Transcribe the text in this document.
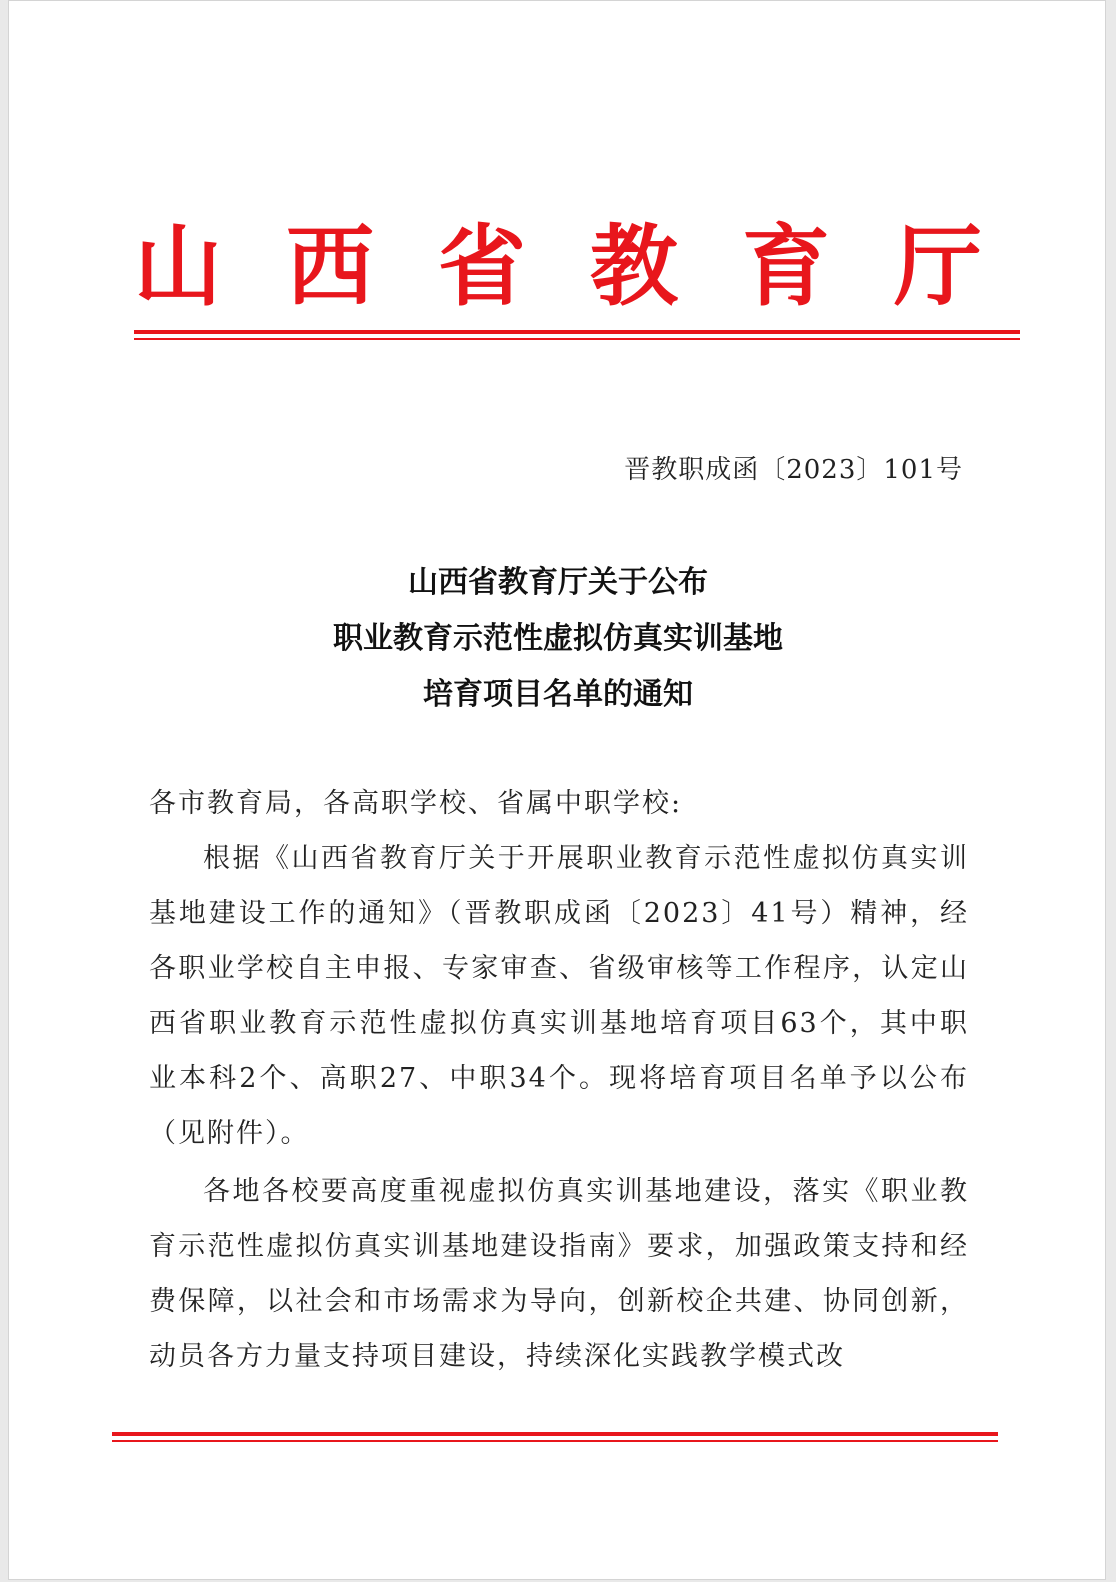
山西省教育厅
晋教职成函〔2023〕101号
山西省教育厅关于公布
职业教育示范性虚拟仿真实训基地
培育项目名单的通知
各市教育局，各高职学校、省属中职学校:
根据《山西省教育厅关于开展职业教育示范性虚拟仿真实训基地建设工作的通知》（晋教职成函〔2023〕41号）精神，经各职业学校自主申报、专家审查、省级审核等工作程序，认定山西省职业教育示范性虚拟仿真实训基地培育项目63个，其中职业本科2个、高职27、中职34个。现将培育项目名单予以公布（见附件）。
各地各校要高度重视虚拟仿真实训基地建设，落实《职业教育示范性虚拟仿真实训基地建设指南》要求，加强政策支持和经费保障，以社会和市场需求为导向，创新校企共建、协同创新，动员各方力量支持项目建设，持续深化实践教学模式改
